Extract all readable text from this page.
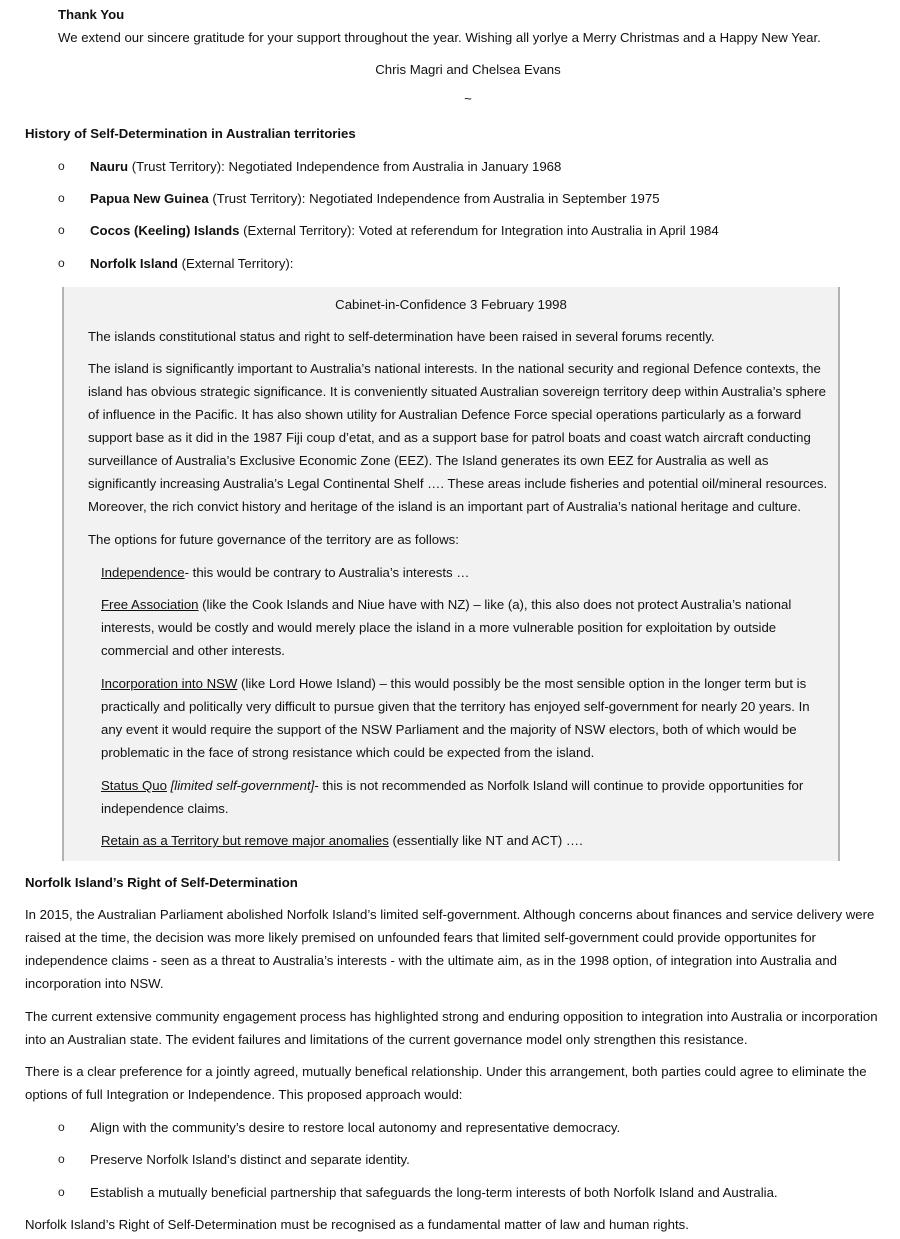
Thank You

We extend our sincere gratitude for your support throughout the year. Wishing all yorlye a Merry Christmas and a Happy New Year.

Chris Magri and Chelsea Evans

~

History of Self-Determination in Australian territories

o	Nauru (Trust Territory): Negotiated Independence from Australia in January 1968

o	Papua New Guinea (Trust Territory): Negotiated Independence from Australia in September 1975

o	Cocos (Keeling) Islands (External Territory): Voted at referendum for Integration into Australia in April 1984

o	Norfolk Island (External Territory):

Cabinet-in-Confidence 3 February 1998

The islands constitutional status and right to self-determination have been raised in several forums recently.

The island is significantly important to Australia’s national interests. In the national security and regional Defence contexts, the island has obvious strategic significance. It is conveniently situated Australian sovereign territory deep within Australia’s sphere of influence in the Pacific. It has also shown utility for Australian Defence Force special operations particularly as a forward support base as it did in the 1987 Fiji coup d’etat, and as a support base for patrol boats and coast watch aircraft conducting surveillance of Australia’s Exclusive Economic Zone (EEZ). The Island generates its own EEZ for Australia as well as significantly increasing Australia’s Legal Continental Shelf …. These areas include fisheries and potential oil/mineral resources. Moreover, the rich convict history and heritage of the island is an important part of Australia’s national heritage and culture.

The options for future governance of the territory are as follows:

Independence- this would be contrary to Australia’s interests …

Free Association (like the Cook Islands and Niue have with NZ) – like (a), this also does not protect Australia’s national interests, would be costly and would merely place the island in a more vulnerable position for exploitation by outside commercial and other interests.

Incorporation into NSW (like Lord Howe Island) – this would possibly be the most sensible option in the longer term but is practically and politically very difficult to pursue given that the territory has enjoyed self-government for nearly 20 years. In any event it would require the support of the NSW Parliament and the majority of NSW electors, both of which would be problematic in the face of strong resistance which could be expected from the island.

Status Quo [limited self-government]- this is not recommended as Norfolk Island will continue to provide opportunities for independence claims.

Retain as a Territory but remove major anomalies (essentially like NT and ACT) ….

Norfolk Island’s Right of Self-Determination

In 2015, the Australian Parliament abolished Norfolk Island’s limited self-government. Although concerns about finances and service delivery were raised at the time, the decision was more likely premised on unfounded fears that limited self-government could provide opportunites for independence claims - seen as a threat to Australia’s interests - with the ultimate aim, as in the 1998 option, of integration into Australia and incorporation into NSW.

The current extensive community engagement process has highlighted strong and enduring opposition to integration into Australia or incorporation into an Australian state. The evident failures and limitations of the current governance model only strengthen this resistance.

There is a clear preference for a jointly agreed, mutually benefical relationship. Under this arrangement, both parties could agree to eliminate the options of full Integration or Independence. This proposed approach would:

o	Align with the community’s desire to restore local autonomy and representative democracy.

o	Preserve Norfolk Island’s distinct and separate identity.

o	Establish a mutually beneficial partnership that safeguards the long-term interests of both Norfolk Island and Australia.

Norfolk Island’s Right of Self-Determination must be recognised as a fundamental matter of law and human rights.
